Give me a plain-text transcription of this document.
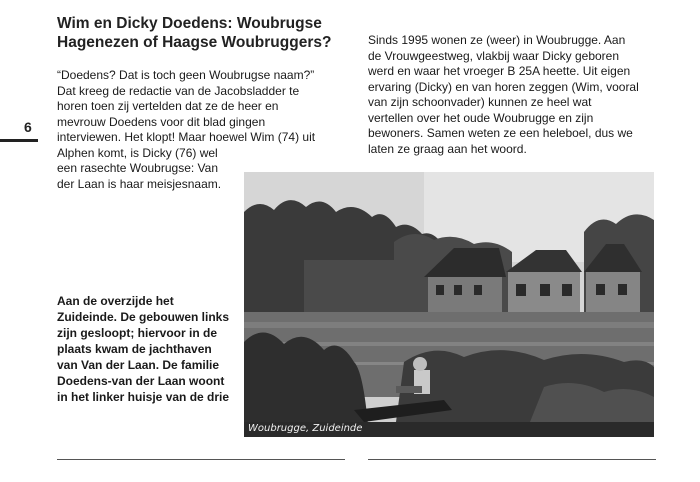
Wim en Dicky Doedens: Woubrugse
Hagenezen of Haagse Woubruggers?
“Doedens? Dat is toch geen Woubrugse naam?”
Dat kreeg de redactie van de Jacobsladder te
horen toen zij vertelden dat ze de heer en
mevrouw Doedens voor dit blad gingen
interviewen. Het klopt! Maar hoewel Wim (74) uit
Alphen komt, is Dicky (76) wel
een rasechte Woubrugse: Van
der Laan is haar meisjesnaam.
Sinds 1995 wonen ze (weer) in Woubrugge. Aan
de Vrouwgeestweg, vlakbij waar Dicky geboren
werd en waar het vroeger B 25A heette. Uit eigen
ervaring (Dicky) en van horen zeggen (Wim, vooral
van zijn schoonvader) kunnen ze heel wat
vertellen over het oude Woubrugge en zijn
bewoners. Samen weten ze een heleboel, dus we
laten ze graag aan het woord.
6
Aan de overzijde het
Zuideinde. De gebouwen links
zijn gesloopt; hiervoor in de
plaats kwam de jachthaven
van Van der Laan. De familie
Doedens-van der Laan woont
in het linker huisje van de drie
Woubrugge, Zuideinde
